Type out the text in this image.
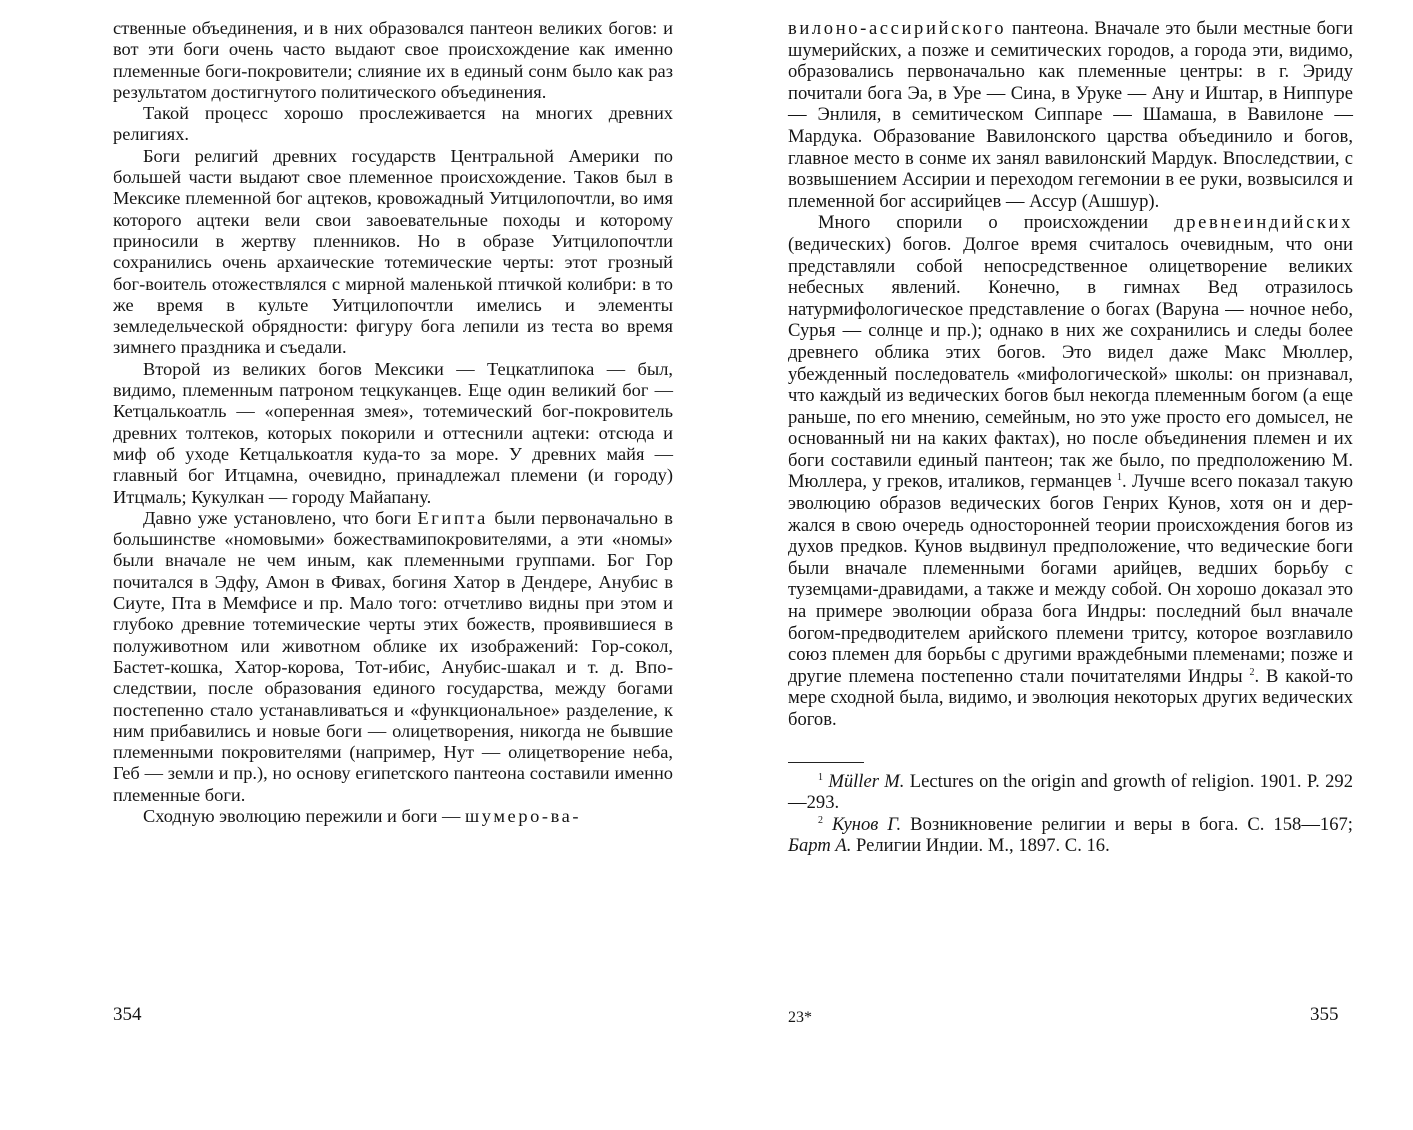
ственные объединения, и в них образовался пантеон великих богов: и вот эти боги очень часто выдают свое происхождение как именно племенные боги-покровители; слияние их в единый сонм было как раз результатом достигнутого политического объединения.

Такой процесс хорошо прослеживается на многих древних религиях.

Боги религий древних государств Центральной Америки по большей части выдают свое племенное происхождение. Таков был в Мексике племенной бог ацтеков, кровожадный Уитцилопочтли, во имя которого ацтеки вели свои завоевательные походы и которому приносили в жертву пленников. Но в образе Уитцилопочтли сохранились очень архаические тотемические черты: этот грозный бог-воитель отожествлялся с мирной маленькой птичкой колибри: в то же время в культе Уитцилопочтли имелись и элементы земледельческой обрядности: фигуру бога лепили из теста во время зимнего праздника и съедали.

Второй из великих богов Мексики — Тецкатлипока — был, видимо, племенным патроном тецкуканцев. Еще один великий бог — Кетцалькоатль — «оперенная змея», тотемический бог-покровитель древних толтеков, которых покорили и оттеснили ацтеки: отсюда и миф об уходе Кетцалькоатля куда-то за море. У древних майя — главный бог Итцамна, очевидно, принадлежал племени (и городу) Итцмаль; Кукулкан — городу Майапану.

Давно уже установлено, что боги Египта были первоначально в большинстве «номовыми» божествамипокровителями, а эти «номы» были вначале не чем иным, как племенными группами. Бог Гор почитался в Эдфу, Амон в Фивах, богиня Хатор в Дендере, Анубис в Сиуте, Пта в Мемфисе и пр. Мало того: отчетливо видны при этом и глубоко древние тотемические черты этих божеств, проявившиеся в полуживотном или животном облике их изображений: Гор-сокол, Бастет-кошка, Хатор-корова, Тот-ибис, Анубис-шакал и т. д. Впоследствии, после образования единого государства, между богами постепенно стало устанавливаться и «функциональное» разделение, к ним прибавились и новые боги — олицетворения, никогда не бывшие племенными покровителями (например, Нут — олицетворение неба, Геб — земли и пр.), но основу египетского пантеона составили именно племенные боги.

Сходную эволюцию пережили и боги — шумеро-ва-

вилоно-ассирийского пантеона. Вначале это были местные боги шумерийских, а позже и семитических городов, а города эти, видимо, образовались первоначально как племенные центры: в г. Эриду почитали бога Эа, в Уре — Сина, в Уруке — Ану и Иштар, в Ниппуре — Энлиля, в семитическом Сиппаре — Шамаша, в Вавилоне — Мардука. Образование Вавилонского царства объединило и богов, главное место в сонме их занял вавилонский Мардук. Впоследствии, с возвышением Ассирии и переходом гегемонии в ее руки, возвысился и племенной бог ассирийцев — Ассур (Ашшур).

Много спорили о происхождении древнеиндийских (ведических) богов. Долгое время считалось очевидным, что они представляли собой непосредственное олицетворение великих небесных явлений. Конечно, в гимнах Вед отразилось натурмифологическое представление о богах (Варуна — ночное небо, Сурья — солнце и пр.); однако в них же сохранились и следы более древнего облика этих богов. Это видел даже Макс Мюллер, убежденный последователь «мифологической» школы: он признавал, что каждый из ведических богов был некогда племенным богом (а еще раньше, по его мнению, семейным, но это уже просто его домысел, не основанный ни на каких фактах), но после объединения племен и их боги составили единый пантеон; так же было, по предположению М. Мюллера, у греков, италиков, германцев $^1$. Лучше всего показал такую эволюцию образов ведических богов Генрих Кунов, хотя он и держался в свою очередь односторонней теории происхождения богов из духов предков. Кунов выдвинул предположение, что ведические боги были вначале племенными богами арийцев, ведших борьбу с туземцами-дравидами, а также и между собой. Он хорошо доказал это на примере эволюции образа бога Индры: последний был вначале богом-предводителем арийского племени тритсу, которое возглавило союз племен для борьбы с другими враждебными племенами; позже и другие племена постепенно стали почитателями Индры $^2$. В какой-то мере сходной была, видимо, и эволюция некоторых других ведических богов.

$^1$ Müller M. Lectures on the origin and growth of religion. 1901. P. 292—293.

$^2$ Кунов Г. Возникновение религии и веры в бога. С. 158—167; Барт А. Религии Индии. М., 1897. С. 16.

354	23*	355
